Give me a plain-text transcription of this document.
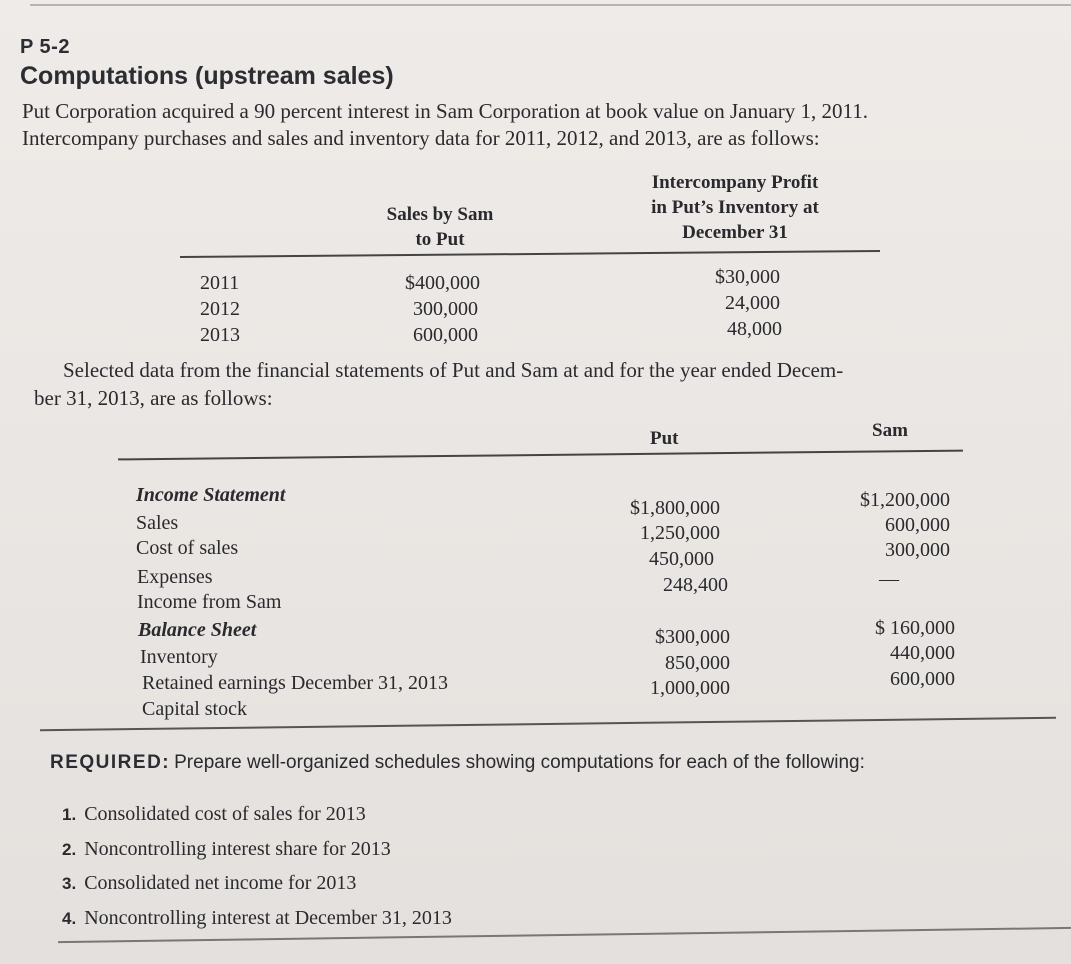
P 5-2
Computations (upstream sales)

Put Corporation acquired a 90 percent interest in Sam Corporation at book value on January 1, 2011.

Intercompany purchases and sales and inventory data for 2011, 2012, and 2013, are as follows:

Sales by Sam
to Put
Intercompany Profit
in Put’s Inventory at
December 31
2011
2012
2013
$400,000
300,000
600,000
$30,000
24,000
48,000

Selected data from the financial statements of Put and Sam at and for the year ended Decem-

ber 31, 2013, are as follows:

Put	Sam
Income Statement
Sales
Cost of sales
Expenses
Income from Sam
$1,800,000
1,250,000
450,000
248,400
$1,200,000
600,000
300,000
—
Balance Sheet
Inventory
Retained earnings December 31, 2013
Capital stock
$300,000
850,000
1,000,000
$ 160,000
440,000
600,000
REQUIRED: Prepare well-organized schedules showing computations for each of the following:
1. Consolidated cost of sales for 2013
2. Noncontrolling interest share for 2013
3. Consolidated net income for 2013
4. Noncontrolling interest at December 31, 2013
